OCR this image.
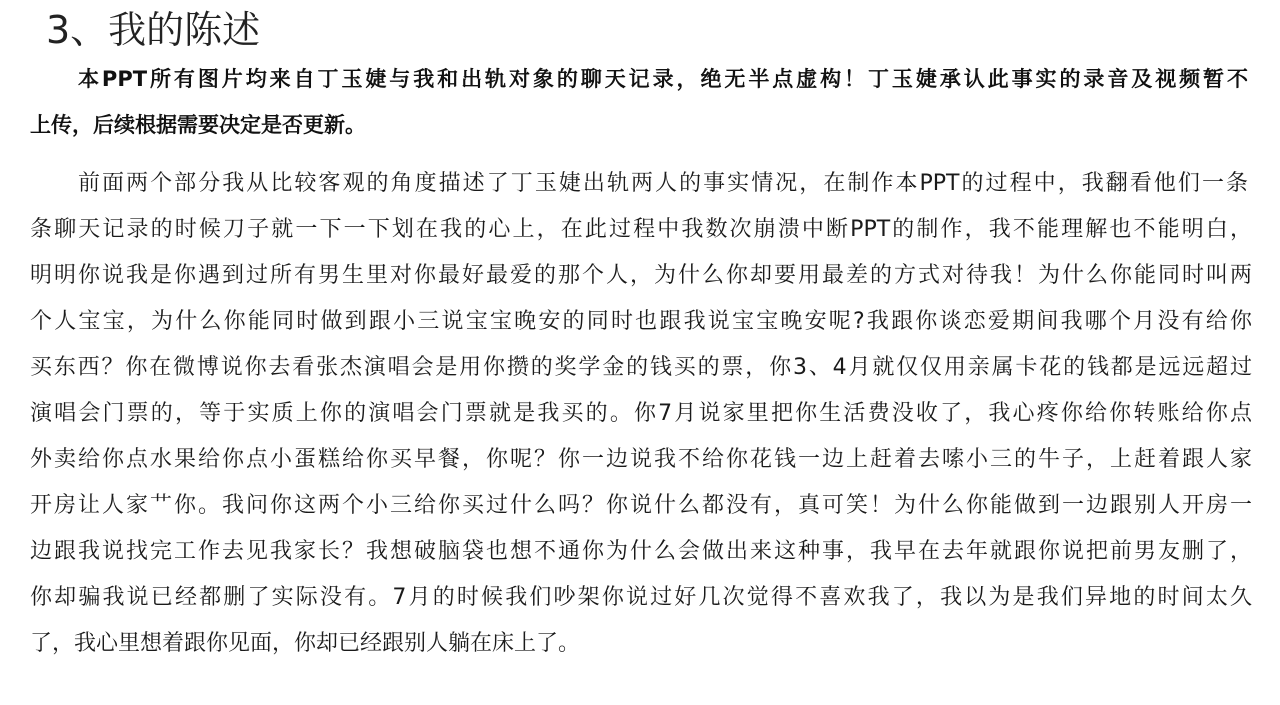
3、我的陈述
本PPT所有图片均来自丁玉婕与我和出轨对象的聊天记录，绝无半点虚构！丁玉婕承认此事实的录音及视频暂不
上传，后续根据需要决定是否更新。
前面两个部分我从比较客观的角度描述了丁玉婕出轨两人的事实情况，在制作本PPT的过程中，我翻看他们一条
条聊天记录的时候刀子就一下一下划在我的心上，在此过程中我数次崩溃中断PPT的制作，我不能理解也不能明白，
明明你说我是你遇到过所有男生里对你最好最爱的那个人，为什么你却要用最差的方式对待我！为什么你能同时叫两
个人宝宝，为什么你能同时做到跟小三说宝宝晚安的同时也跟我说宝宝晚安呢?我跟你谈恋爱期间我哪个月没有给你
买东西？你在微博说你去看张杰演唱会是用你攒的奖学金的钱买的票，你3、4月就仅仅用亲属卡花的钱都是远远超过
演唱会门票的，等于实质上你的演唱会门票就是我买的。你7月说家里把你生活费没收了，我心疼你给你转账给你点
外卖给你点水果给你点小蛋糕给你买早餐，你呢？你一边说我不给你花钱一边上赶着去嗦小三的牛子，上赶着跟人家
开房让人家艹你。我问你这两个小三给你买过什么吗？你说什么都没有，真可笑！为什么你能做到一边跟别人开房一
边跟我说找完工作去见我家长？我想破脑袋也想不通你为什么会做出来这种事，我早在去年就跟你说把前男友删了，
你却骗我说已经都删了实际没有。7月的时候我们吵架你说过好几次觉得不喜欢我了，我以为是我们异地的时间太久
了，我心里想着跟你见面，你却已经跟别人躺在床上了。
